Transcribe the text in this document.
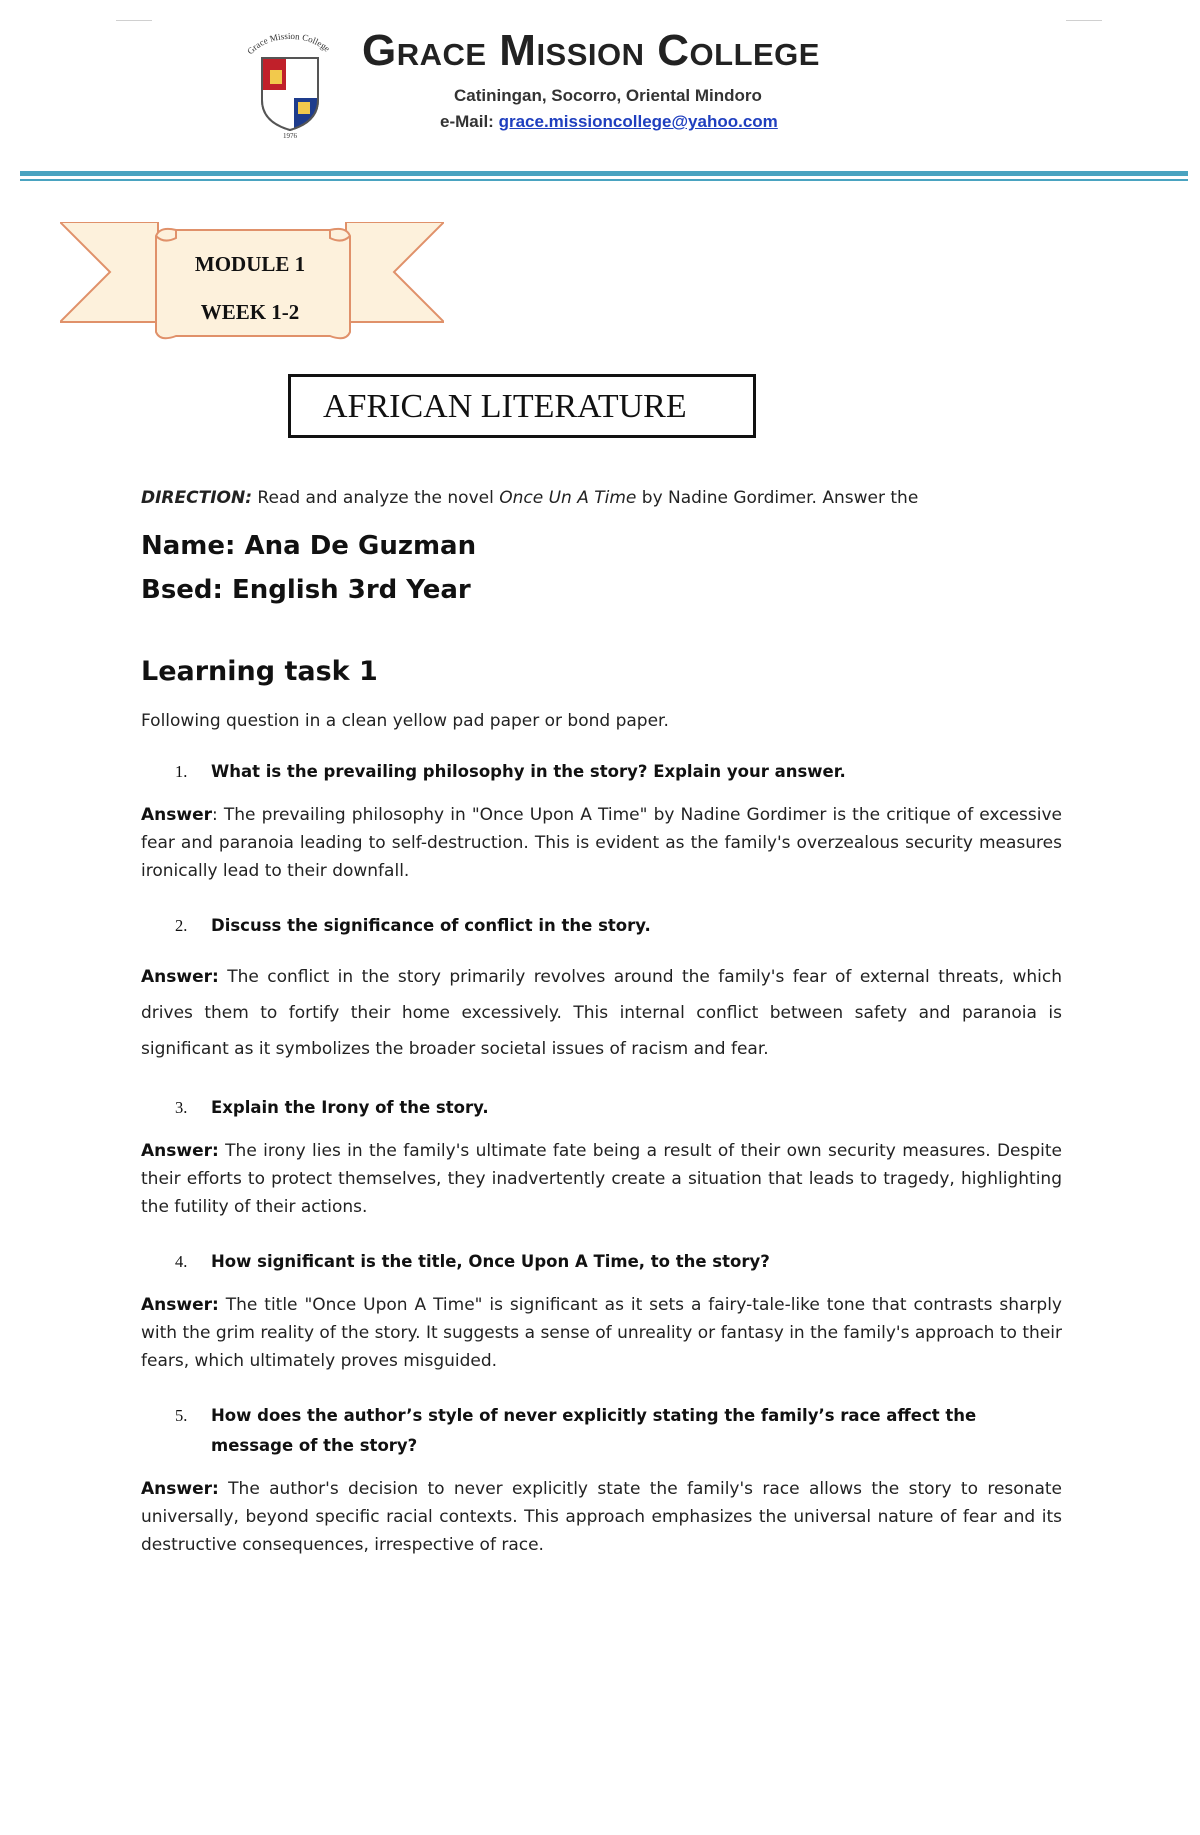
Grace Mission College
1976
Grace Mission College
Catiningan, Socorro, Oriental Mindoro
e-Mail: grace.missioncollege@yahoo.com
MODULE 1
WEEK 1-2
AFRICAN LITERATURE

DIRECTION: Read and analyze the novel Once Un A Time by Nadine Gordimer. Answer the

Name: Ana De Guzman

Bsed: English 3rd Year

Learning task 1

Following question in a clean yellow pad paper or bond paper.

1. What is the prevailing philosophy in the story? Explain your answer.

Answer: The prevailing philosophy in "Once Upon A Time" by Nadine Gordimer is the critique of excessive fear and paranoia leading to self-destruction. This is evident as the family's overzealous security measures ironically lead to their downfall.

2. Discuss the significance of conflict in the story.

Answer: The conflict in the story primarily revolves around the family's fear of external threats, which drives them to fortify their home excessively. This internal conflict between safety and paranoia is significant as it symbolizes the broader societal issues of racism and fear.

3. Explain the Irony of the story.

Answer: The irony lies in the family's ultimate fate being a result of their own security measures. Despite their efforts to protect themselves, they inadvertently create a situation that leads to tragedy, highlighting the futility of their actions.

4. How significant is the title, Once Upon A Time, to the story?

Answer: The title "Once Upon A Time" is significant as it sets a fairy-tale-like tone that contrasts sharply with the grim reality of the story. It suggests a sense of unreality or fantasy in the family's approach to their fears, which ultimately proves misguided.

5. How does the author’s style of never explicitly stating the family’s race affect the message of the story?

Answer: The author's decision to never explicitly state the family's race allows the story to resonate universally, beyond specific racial contexts. This approach emphasizes the universal nature of fear and its destructive consequences, irrespective of race.
